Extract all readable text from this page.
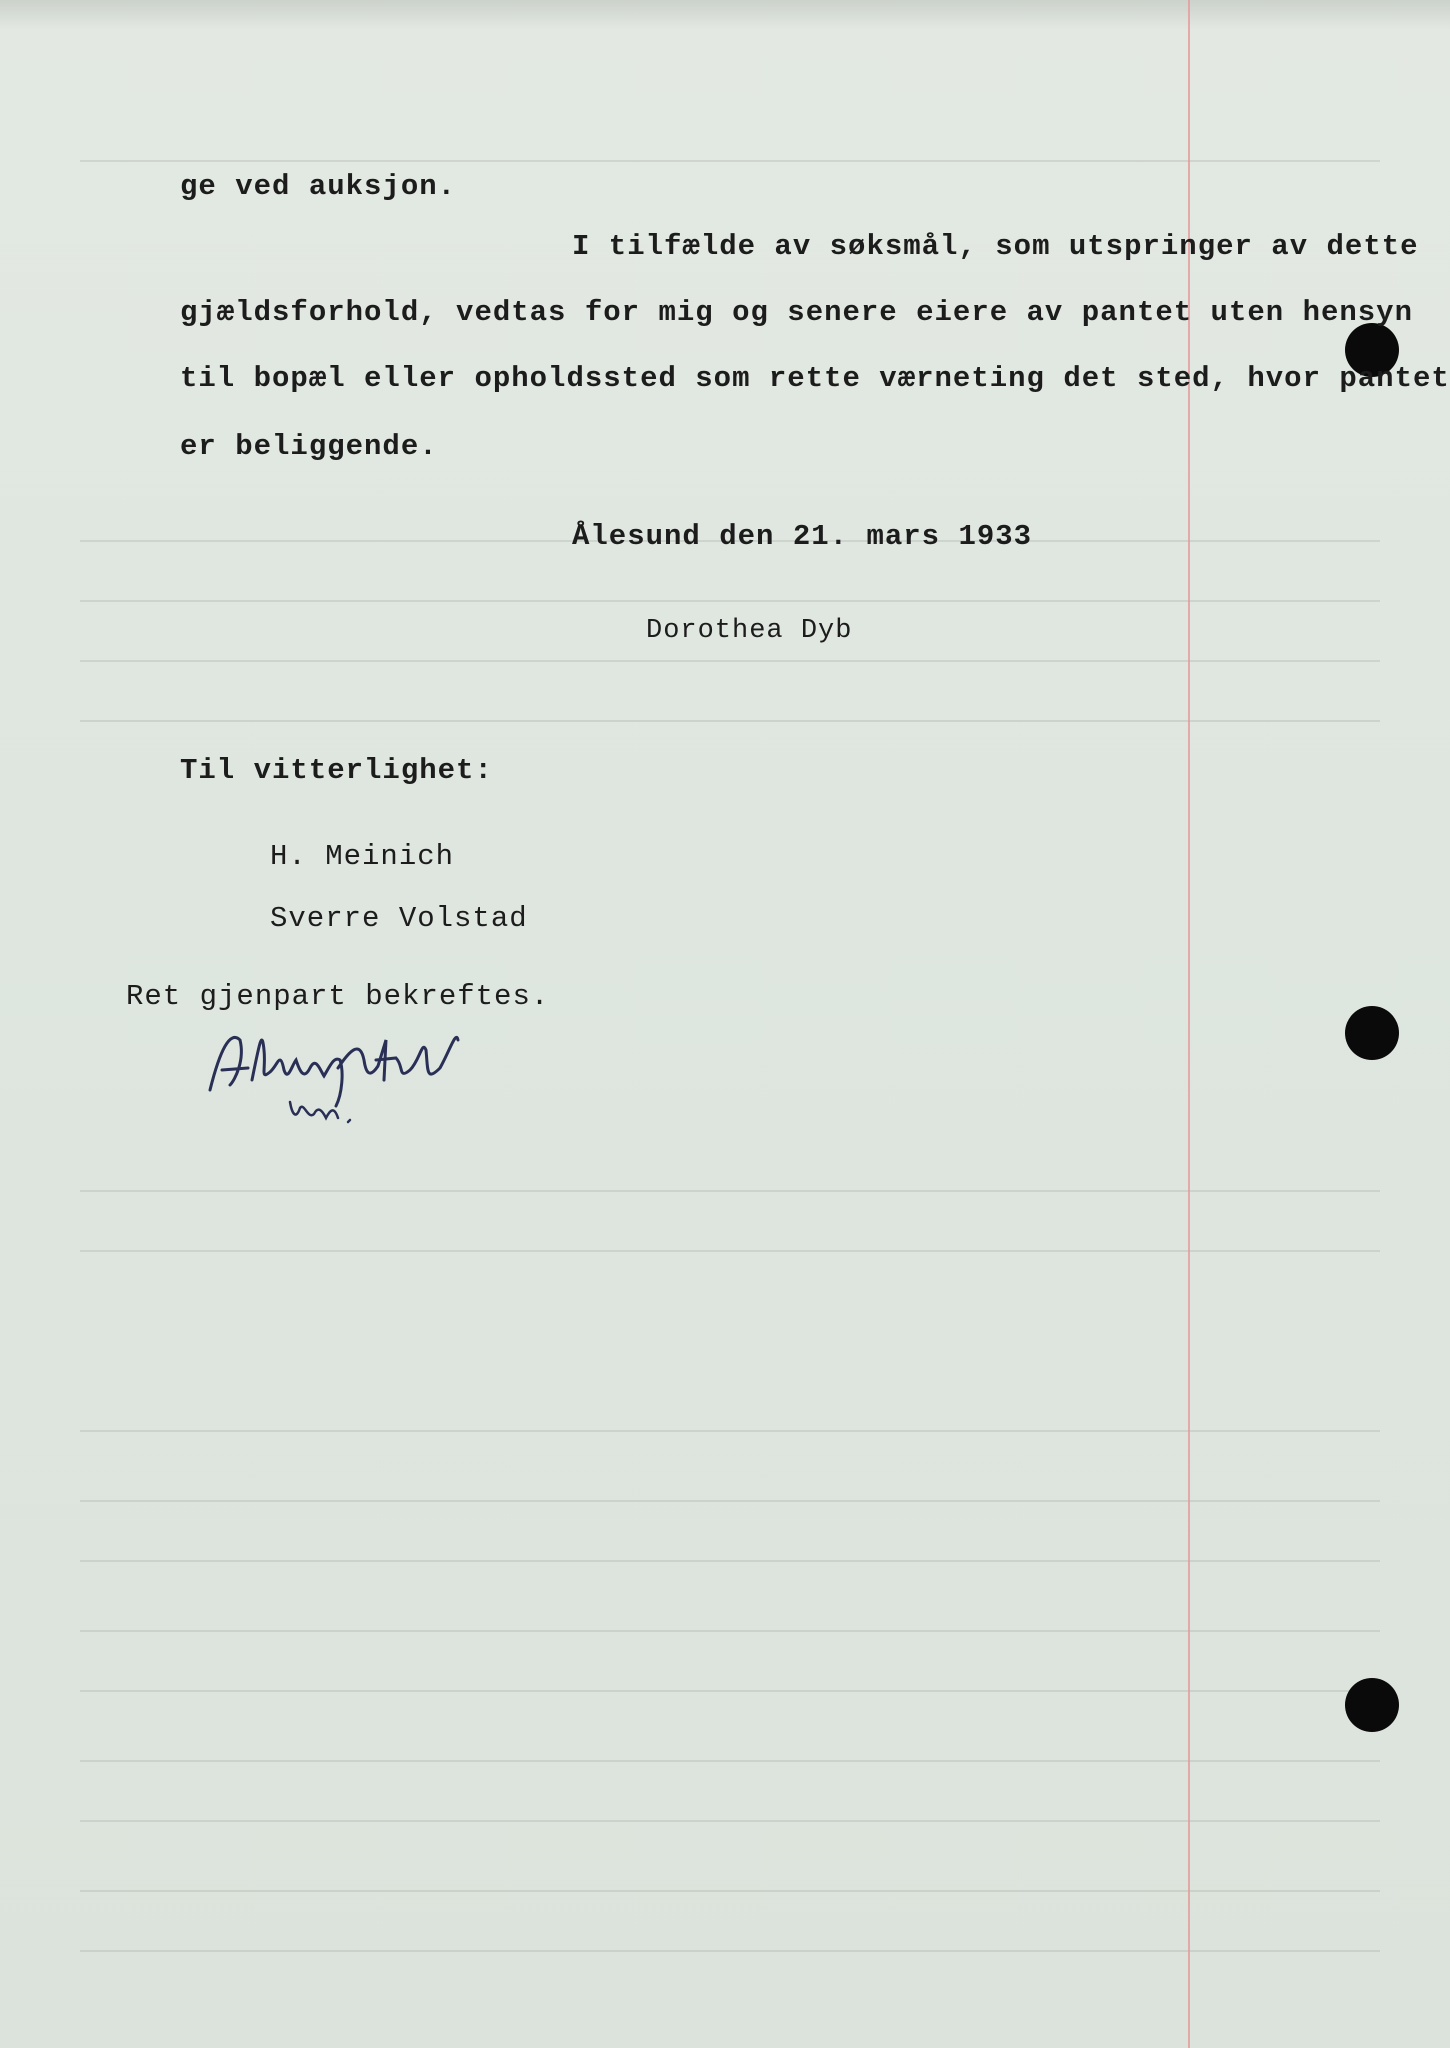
ge ved auksjon.
I tilfælde av søksmål, som utspringer av dette
gjældsforhold, vedtas for mig og senere eiere av pantet uten hensyn
til bopæl eller opholdssted som rette værneting det sted, hvor pantet
er beliggende.
Ålesund den 21. mars 1933
Dorothea Dyb
Til vitterlighet:
H. Meinich
Sverre Volstad
Ret gjenpart bekreftes.
